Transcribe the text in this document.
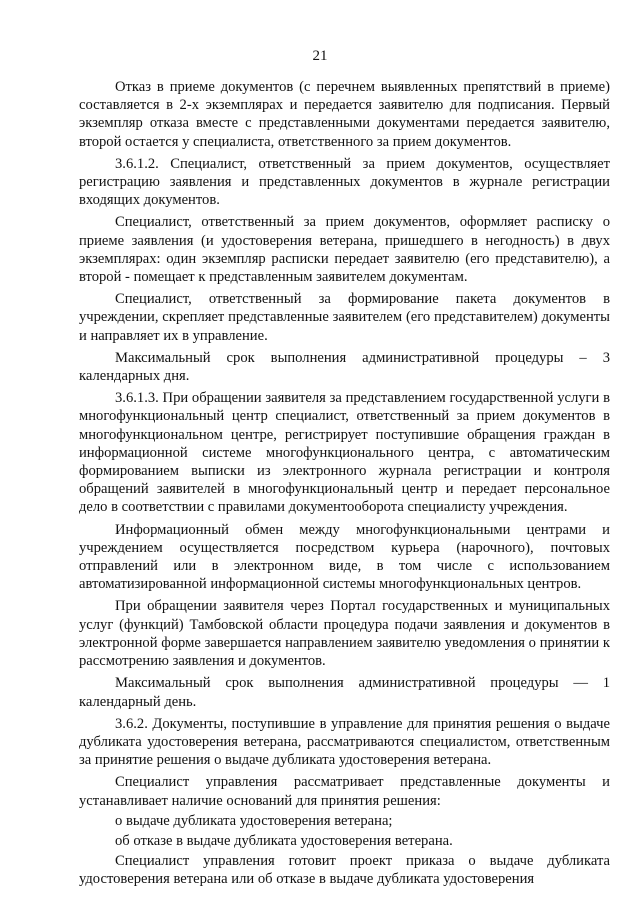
21

Отказ в приеме документов (с перечнем выявленных препятствий в приеме) составляется в 2-х экземплярах и передается заявителю для подписания. Первый экземпляр отказа вместе с представленными документами передается заявителю, второй остается у специалиста, ответственного за прием документов.

3.6.1.2. Специалист, ответственный за прием документов, осуществляет регистрацию заявления и представленных документов в журнале регистрации входящих документов.

Специалист, ответственный за прием документов, оформляет расписку о приеме заявления (и удостоверения ветерана, пришедшего в негодность) в двух экземплярах: один экземпляр расписки передает заявителю (его представителю), а второй - помещает к представленным заявителем документам.

Специалист, ответственный за формирование пакета документов в учреждении, скрепляет представленные заявителем (его представителем) документы и направляет их в управление.

Максимальный срок выполнения административной процедуры – 3 календарных дня.

3.6.1.3. При обращении заявителя за представлением государственной услуги в многофункциональный центр специалист, ответственный за прием документов в многофункциональном центре, регистрирует поступившие обращения граждан в информационной системе многофункционального центра, с автоматическим формированием выписки из электронного журнала регистрации и контроля обращений заявителей в многофункциональный центр и передает персональное дело в соответствии с правилами документооборота специалисту учреждения.

Информационный обмен между многофункциональными центрами и учреждением осуществляется посредством курьера (нарочного), почтовых отправлений или в электронном виде, в том числе с использованием автоматизированной информационной системы многофункциональных центров.

При обращении заявителя через Портал государственных и муниципальных услуг (функций) Тамбовской области процедура подачи заявления и документов в электронной форме завершается направлением заявителю уведомления о принятии к рассмотрению заявления и документов.

Максимальный срок выполнения административной процедуры — 1 календарный день.

3.6.2. Документы, поступившие в управление для принятия решения о выдаче дубликата удостоверения ветерана, рассматриваются специалистом, ответственным за принятие решения о выдаче дубликата удостоверения ветерана.

Специалист управления рассматривает представленные документы и устанавливает наличие оснований для принятия решения:

о выдаче дубликата удостоверения ветерана;

об отказе в выдаче дубликата удостоверения ветерана.

Специалист управления готовит проект приказа о выдаче дубликата удостоверения ветерана или об отказе в выдаче дубликата удостоверения
